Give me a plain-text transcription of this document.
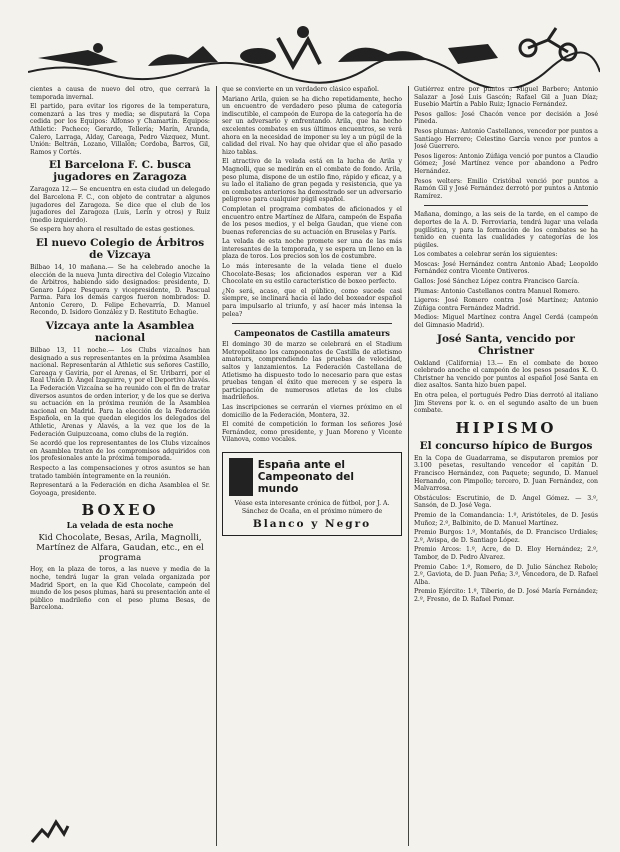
cientes a causa de nuevo del otro, que cerrará la temporada invernal.

El partido, para evitar los rigores de la temperatura, comenzará a las tres y media; se disputará la Copa cedida por los Equipos: Alfonso y Chamartín. Equipos: Athletic: Pacheco; Gerardo, Tellería; Marín, Aranda, Calero, Larraga, Alday, Careaga, Pedro Vázquez, Munt. Unión: Beltrán, Lozano, Villalón; Cordoba, Barros, Gil, Ramos y Cortés.

El Barcelona F. C. busca jugadores en Zaragoza

Zaragoza 12.— Se encuentra en esta ciudad un delegado del Barcelona F. C., con objeto de contratar a algunos jugadores del Zaragoza. Se dice que el club de los jugadores del Zaragoza (Luis, Lerín y otros) y Ruiz (medio izquierdo).

Se espera hoy ahora el resultado de estas gestiones.

El nuevo Colegio de Árbitros de Vizcaya

Bilbao 14, 10 mañana.— Se ha celebrado anoche la elección de la nueva Junta directiva del Colegio Vizcaíno de Árbitros, habiendo sido designados: presidente, D. Genaro López Pesquera y vicepresidente, D. Pascual Parma. Para los demás cargos fueron nombrados: D. Antonio Cerero, D. Felipe Echevarría, D. Manuel Recondo, D. Isidoro González y D. Restituto Echagüe.

Vizcaya ante la Asamblea nacional

Bilbao 13, 11 noche.— Los Clubs vizcaínos han designado a sus representantes en la próxima Asamblea nacional. Representarán al Athletic sus señores Castillo, Careaga y Gaviria, por el Arenas, el Sr. Uribarri, por el Real Unión D. Ángel Izaguirre, y por el Deportivo Alavés. La Federación Vizcaína se ha reunido con el fin de tratar diversos asuntos de orden interior, y de los que se deriva su actuación en la próxima reunión de la Asamblea nacional en Madrid. Para la elección de la Federación Española, en la que quedan elegidos los delegados del Athletic, Arenas y Alavés, a la vez que los de la Federación Guipuzcoana, como clubs de la región.

Se acordó que los representantes de los Clubs vizcaínos en Asamblea traten de los compromisos adquiridos con los profesionales ante la próxima temporada.

Respecto a las compensaciones y otros asuntos se han tratado también íntegramente en la reunión.

Representará a la Federación en dicha Asamblea el Sr. Goyoaga, presidente.

BOXEO
La velada de esta noche
Kid Chocolate, Besas, Arila, Magnolli, Martínez de Alfara, Gaudan, etc., en el programa

Hoy, en la plaza de toros, a las nueve y media de la noche, tendrá lugar la gran velada organizada por Madrid Sport, en la que Kid Chocolate, campeón del mundo de los pesos plumas, hará su presentación ante el público madrileño con el peso pluma Besas, de Barcelona.

que se convierte en un verdadero clásico español.

Mariano Arila, quien se ha dicho repetidamente, hecho un encuentro de verdadero peso pluma de categoría indiscutible, el campeón de Europa de la categoría ha de ser un adversario y enfrentando. Arila, que ha hecho excelentes combates en sus últimos encuentros, se verá ahora en la necesidad de imponer su ley a un púgil de la calidad del rival. No hay que olvidar que el año pasado hizo tablas.

El atractivo de la velada está en la lucha de Arila y Magnolli, que se medirán en el combate de fondo. Arila, peso pluma, dispone de un estilo fino, rápido y eficaz, y a su lado el italiano de gran pegada y resistencia, que ya en combates anteriores ha demostrado ser un adversario peligroso para cualquier púgil español.

Completan el programa combates de aficionados y el encuentro entre Martínez de Alfara, campeón de España de los pesos medios, y el belga Gaudan, que viene con buenas referencias de su actuación en Bruselas y París.

La velada de esta noche promete ser una de las más interesantes de la temporada, y se espera un lleno en la plaza de toros. Los precios son los de costumbre.

Lo más interesante de la velada tiene el duelo Chocolate-Besas; los aficionados esperan ver a Kid Chocolate en su estilo característico de boxeo perfecto.

¿No será, acaso, que el público, como sucede casi siempre, se inclinará hacia el lado del boxeador español para impulsarlo al triunfo, y así hacer más intensa la pelea?

Campeonatos de Castilla amateurs

El domingo 30 de marzo se celebrará en el Stadium Metropolitano los campeonatos de Castilla de atletismo amateurs, comprendiendo las pruebas de velocidad, saltos y lanzamientos. La Federación Castellana de Atletismo ha dispuesto todo lo necesario para que estas pruebas tengan el éxito que merecen y se espera la participación de numerosos atletas de los clubs madrileños.

Las inscripciones se cerrarán el viernes próximo en el domicilio de la Federación, Montera, 32.

El comité de competición lo forman los señores José Fernández, como presidente, y Juan Moreno y Vicente Vilanova, como vocales.

España ante el Campeonato del mundo
Véase esta interesante crónica de fútbol, por J. A. Sánchez de Ocaña, en el próximo número de
Blanco y Negro

Gutiérrez entre por puntos a Miguel Barbero; Antonio Salazar a José Luis Gascón; Rafael Gil a Juan Díaz; Eusebio Martín a Pablo Ruiz; Ignacio Fernández.

Pesos gallos: José Chacón vence por decisión a José Pineda.

Pesos plumas: Antonio Castellanos, vencedor por puntos a Santiago Herrero; Celestino García vence por puntos a José Guerrero.

Pesos ligeros: Antonio Zúñiga venció por puntos a Claudio Gómez; José Martínez vence por abandono a Pedro Hernández.

Pesos welters: Emilio Cristóbal venció por puntos a Ramón Gil y José Fernández derrotó por puntos a Antonio Ramírez.

Mañana, domingo, a las seis de la tarde, en el campo de deportes de la A. D. Ferroviaria, tendrá lugar una velada pugilística, y para la formación de los combates se ha tenido en cuenta las cualidades y categorías de los púgiles.

Los combates a celebrar serán los siguientes:

Moscas: José Hernández contra Antonio Abad; Leopoldo Fernández contra Vicente Ontiveros.

Gallos: José Sánchez López contra Francisco García.

Plumas: Antonio Castellanos contra Manuel Romero.

Ligeros: José Romero contra José Martínez; Antonio Zúñiga contra Fernández Madrid.

Medios: Miguel Martínez contra Ángel Cerdá (campeón del Gimnasio Madrid).

José Santa, vencido por Christner

Oakland (California) 13.— En el combate de boxeo celebrado anoche el campeón de los pesos pesados K. O. Christner ha vencido por puntos al español José Santa en diez asaltos. Santa hizo buen papel.

En otra pelea, el portugués Pedro Dias derrotó al italiano Jim Stevens por k. o. en el segundo asalto de un buen combate.

HIPISMO
El concurso hípico de Burgos

En la Copa de Guadarrama, se disputaron premios por 3.100 pesetas, resultando vencedor el capitán D. Francisco Hernández, con Paquete; segundo, D. Manuel Hernando, con Pimpollo; tercero, D. Juan Fernández, con Malvarrosa.

Obstáculos: Escrutinio, de D. Ángel Gómez. — 3.º, Sansón, de D. José Vega.

Premio de la Comandancia: 1.º, Aristóteles, de D. Jesús Muñoz; 2.º, Balbinito, de D. Manuel Martínez.

Premio Burgos: 1.º, Montañés, de D. Francisco Urdiales; 2.º, Avispa, de D. Santiago López.

Premio Arcos: 1.º, Acre, de D. Eloy Hernández; 2.º, Tambor, de D. Pedro Álvarez.

Premio Cabo: 1.º, Romero, de D. Julio Sánchez Rebolo; 2.º, Gaviota, de D. Juan Peña; 3.º, Vencedora, de D. Rafael Alba.

Premio Ejército: 1.º, Tiberio, de D. José María Fernández; 2.º, Fresno, de D. Rafael Pomar.
